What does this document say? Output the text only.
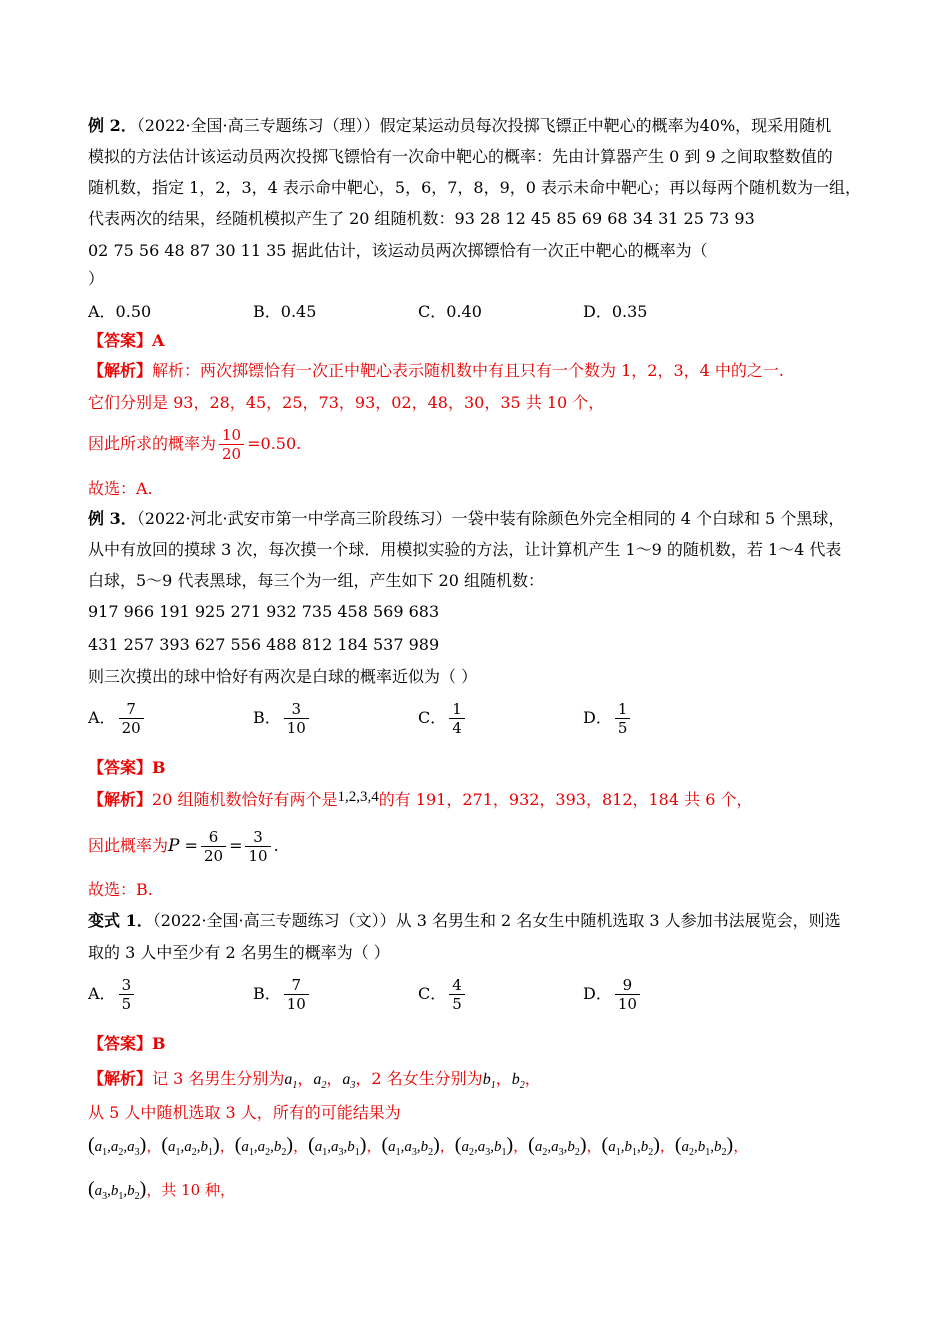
例 2．（2022·全国·高三专题练习（理））假定某运动员每次投掷飞镖正中靶心的概率为40%，现采用随机
模拟的方法估计该运动员两次投掷飞镖恰有一次命中靶心的概率：先由计算器产生 0 到 9 之间取整数值的
随机数，指定 1，2，3，4 表示命中靶心，5，6，7，8，9，0 表示未命中靶心；再以每两个随机数为一组，
代表两次的结果，经随机模拟产生了 20 组随机数：93 28 12 45 85 69 68 34 31 25 73 93
02 75 56 48 87 30 11 35 据此估计，该运动员两次掷镖恰有一次正中靶心的概率为（
）
A．0.50	B．0.45	C．0.40	D．0.35
【答案】A
【解析】解析：两次掷镖恰有一次正中靶心表示随机数中有且只有一个数为 1，2，3，4 中的之一.
它们分别是 93，28，45，25，73，93，02，48，30，35 共 10 个，
因此所求的概率为 $\frac{10}{20} =0.50$.
故选：A.
例 3．（2022·河北·武安市第一中学高三阶段练习）一袋中装有除颜色外完全相同的 4 个白球和 5 个黑球，
从中有放回的摸球 3 次，每次摸一个球．用模拟实验的方法，让计算机产生 1～9 的随机数，若 1～4 代表
白球，5～9 代表黑球，每三个为一组，产生如下 20 组随机数：
917 966 191 925 271 932 735 458 569 683
431 257 393 627 556 488 812 184 537 989
则三次摸出的球中恰好有两次是白球的概率近似为（ ）
A． $\frac{7}{20}$	B． $\frac{3}{10}$	C． $\frac{1}{4}$	D． $\frac{1}{5}$
【答案】B
【解析】20 组随机数恰好有两个是1,2,3,4的有 191，271，932，393，812，184 共 6 个，
因此概率为$P = \frac{6}{20} = \frac{3}{10}$ .
故选：B.
变式 1．（2022·全国·高三专题练习（文））从 3 名男生和 2 名女生中随机选取 3 人参加书法展览会，则选
取的 3 人中至少有 2 名男生的概率为（ ）
A． $\frac{3}{5}$	B． $\frac{7}{10}$	C． $\frac{4}{5}$	D． $\frac{9}{10}$
【答案】B
【解析】记 3 名男生分别为$a_1$，$a_2$，$a_3$，2 名女生分别为$b_1$，$b_2$，
从 5 人中随机选取 3 人，所有的可能结果为
$(a_1,a_2,a_3)$，$(a_1,a_2,b_1)$，$(a_1,a_2,b_2)$，$(a_1,a_3,b_1)$，$(a_1,a_3,b_2)$，$(a_2,a_3,b_1)$，$(a_2,a_3,b_2)$，$(a_1,b_1,b_2)$，$(a_2,b_1,b_2)$，
$(a_3,b_1,b_2)$，共 10 种，
